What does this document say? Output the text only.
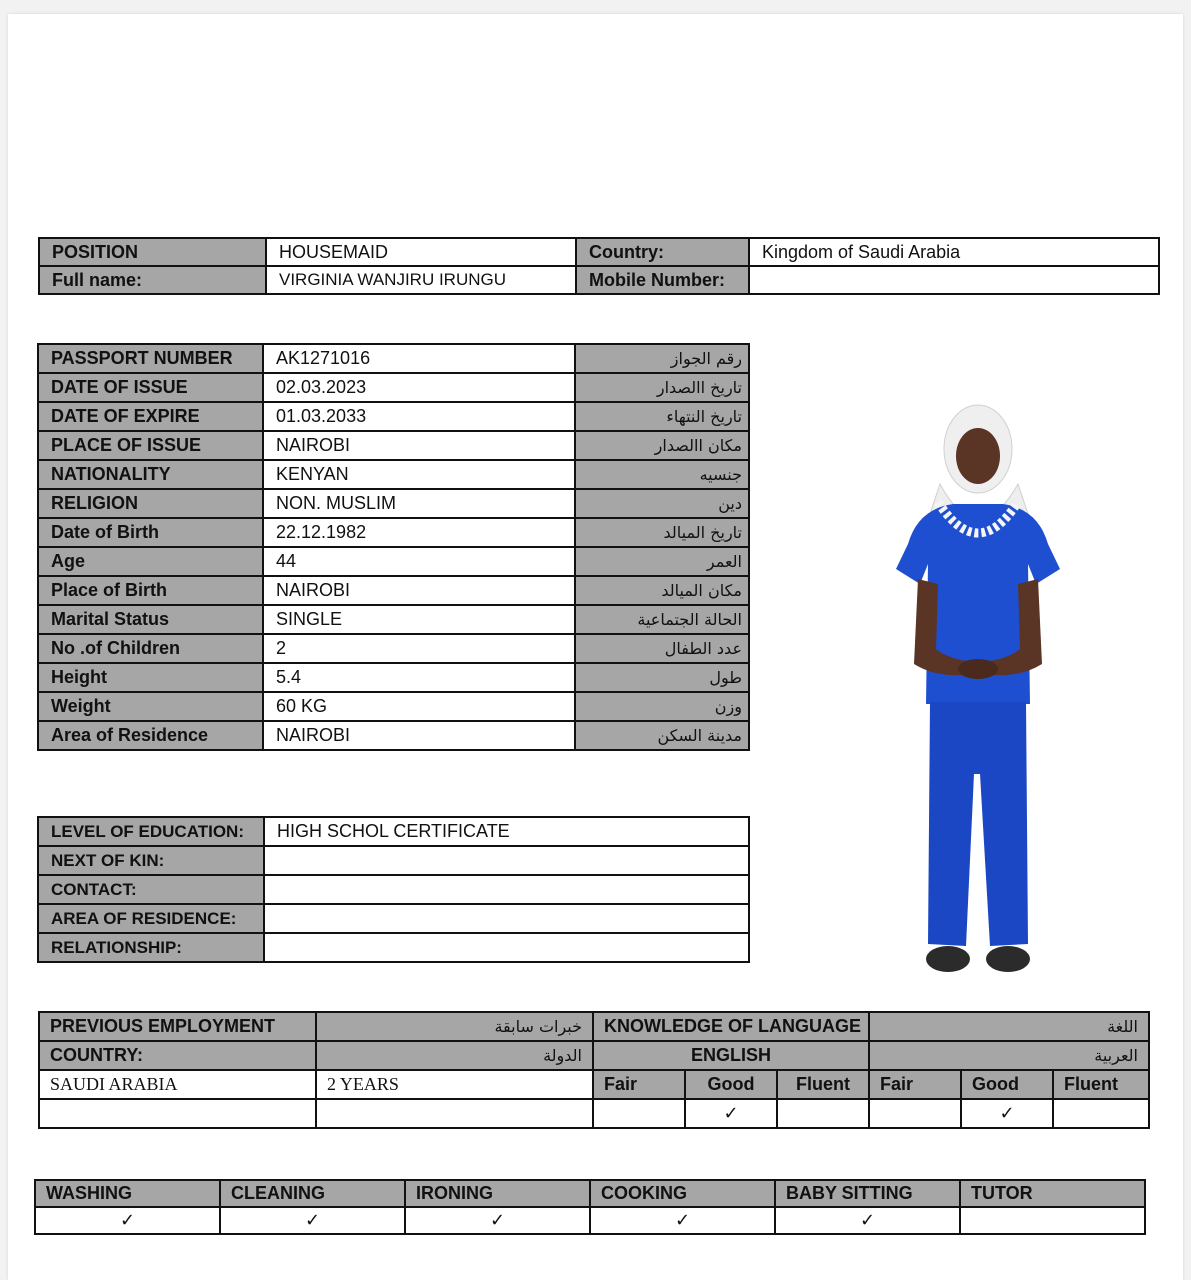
POSITION	HOUSEMAID	Country:	Kingdom of Saudi Arabia
Full name:	VIRGINIA WANJIRU IRUNGU	Mobile Number:	
PASSPORT NUMBER	AK1271016	رقم الجواز
DATE OF ISSUE	02.03.2023	تاريخ االصدار
DATE OF EXPIRE	01.03.2033	تاريخ النتهاء
PLACE OF ISSUE	NAIROBI	مكان االصدار
NATIONALITY	KENYAN	جنسيه
RELIGION	NON. MUSLIM	دين
Date of Birth	22.12.1982	تاريخ الميالد
Age	44	العمر
Place of Birth	NAIROBI	مكان الميالد
Marital Status	SINGLE	الحالة الجتماعية
No .of Children	2	عدد الطفال
Height	5.4	طول
Weight	60 KG	وزن
Area of Residence	NAIROBI	مدينة السكن
LEVEL OF EDUCATION:	HIGH SCHOL CERTIFICATE
NEXT OF KIN:	
CONTACT:	
AREA OF RESIDENCE:	
RELATIONSHIP:	
PREVIOUS EMPLOYMENT	خبرات سابقة	KNOWLEDGE OF LANGUAGE			اللغة		
COUNTRY:	الدولة	ENGLISH			العربية		
SAUDI ARABIA	2 YEARS	Fair	Good	Fluent	Fair	Good	Fluent
			✓			✓	
WASHING	CLEANING	IRONING	COOKING	BABY SITTING	TUTOR
✓	✓	✓	✓	✓	
